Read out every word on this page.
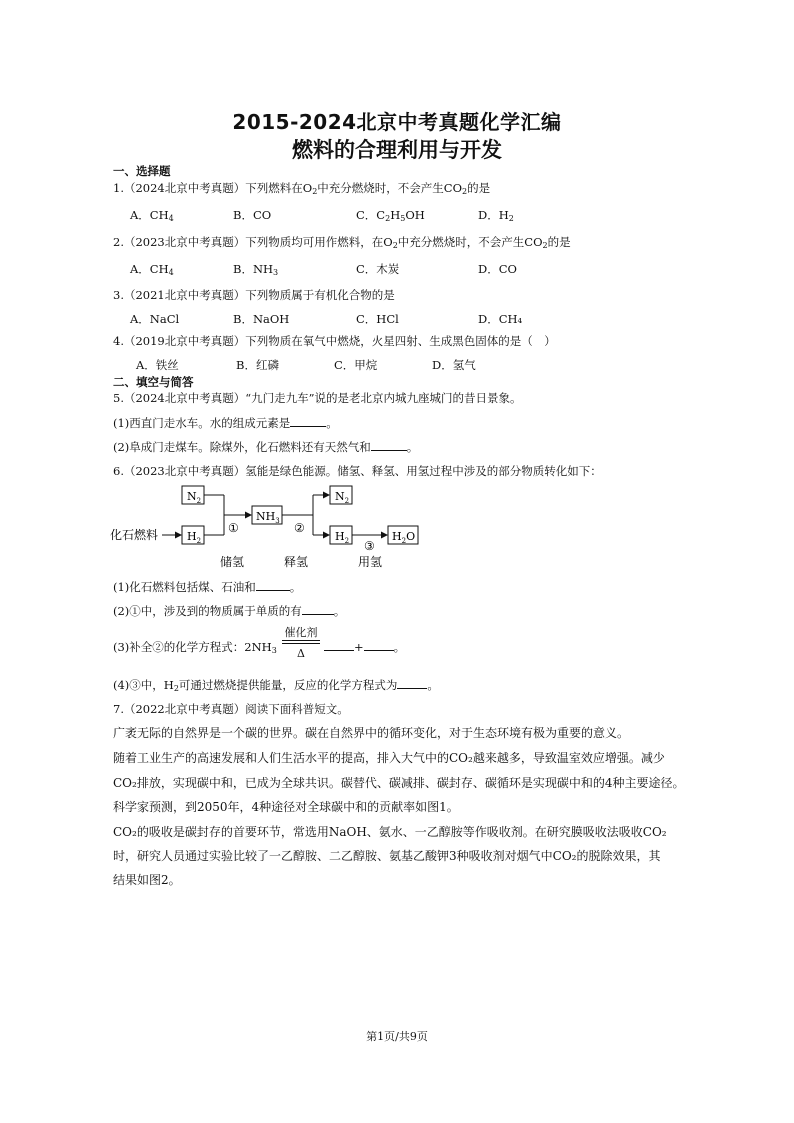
2015-2024北京中考真题化学汇编
燃料的合理利用与开发
一、选择题
1.（2024北京中考真题）下列燃料在$O_2$中充分燃烧时，不会产生$CO_2$的是
A．$CH_4$	B．CO	C．$C_2H_5OH$	D．$H_2$
2.（2023北京中考真题）下列物质均可用作燃料，在$O_2$中充分燃烧时，不会产生$CO_2$的是
A．$CH_4$	B．$NH_3$	C．木炭	D．CO
3.（2021北京中考真题）下列物质属于有机化合物的是
A．NaCl	B．NaOH	C．HCl	D．CH₄
4.（2019北京中考真题）下列物质在氧气中燃烧，火星四射、生成黑色固体的是（　）
A．铁丝	B．红磷	C．甲烷	D．氢气
二、填空与简答
5.（2024北京中考真题）“九门走九车”说的是老北京内城九座城门的昔日景象。
(1)西直门走水车。水的组成元素是	。
(2)阜成门走煤车。除煤外，化石燃料还有天然气和	。
6.（2023北京中考真题）氢能是绿色能源。储氢、释氢、用氢过程中涉及的部分物质转化如下：
$N_2$
$H_2$
$NH_3$
$N_2$
$H_2$	$H_2O$
化石燃料	①	②
③
储氢	释氢	用氢
(1)化石燃料包括煤、石油和	。
(2)①中，涉及到的物质属于单质的有	。
(3)补全②的化学方程式：$2NH_3$
催化剂
Δ	+	。
(4)③中，$H_2$可通过燃烧提供能量，反应的化学方程式为	。
7.（2022北京中考真题）阅读下面科普短文。
广袤无际的自然界是一个碳的世界。碳在自然界中的循环变化，对于生态环境有极为重要的意义。
随着工业生产的高速发展和人们生活水平的提高，排入大气中的CO₂越来越多，导致温室效应增强。减少
CO₂排放，实现碳中和，已成为全球共识。碳替代、碳减排、碳封存、碳循环是实现碳中和的4种主要途径。
科学家预测，到2050年，4种途径对全球碳中和的贡献率如图1。
CO₂的吸收是碳封存的首要环节，常选用NaOH、氨水、一乙醇胺等作吸收剂。在研究膜吸收法吸收CO₂
时，研究人员通过实验比较了一乙醇胺、二乙醇胺、氨基乙酸钾3种吸收剂对烟气中CO₂的脱除效果，其
结果如图2。
第1页/共9页
